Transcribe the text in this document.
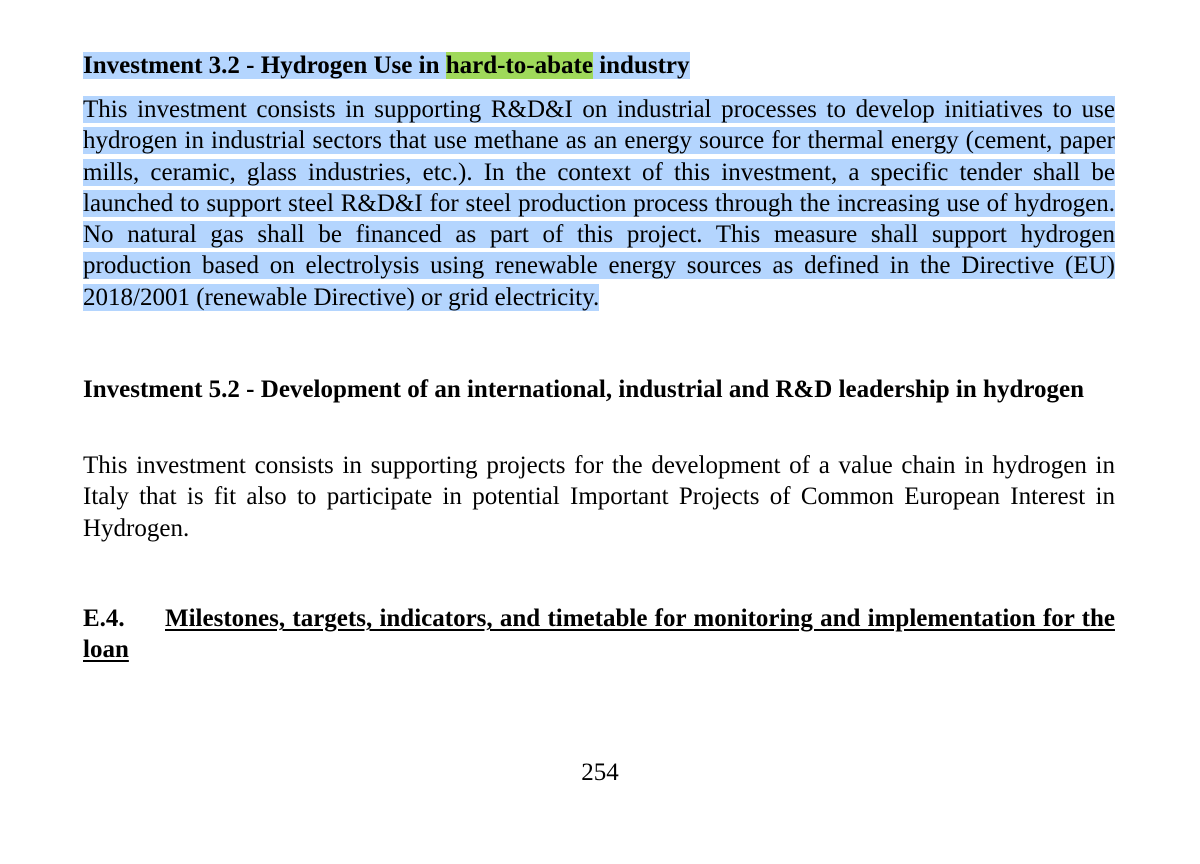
Investment 3.2 - Hydrogen Use in hard-to-abate industry

This investment consists in supporting R&D&I on industrial processes to develop initiatives to use hydrogen in industrial sectors that use methane as an energy source for thermal energy (cement, paper mills, ceramic, glass industries, etc.). In the context of this investment, a specific tender shall be launched to support steel R&D&I for steel production process through the increasing use of hydrogen. No natural gas shall be financed as part of this project. This measure shall support hydrogen production based on electrolysis using renewable energy sources as defined in the Directive (EU) 2018/2001 (renewable Directive) or grid electricity.

Investment 5.2 - Development of an international, industrial and R&D leadership in hydrogen

This investment consists in supporting projects for the development of a value chain in hydrogen in Italy that is fit also to participate in potential Important Projects of Common European Interest in Hydrogen.

E.4. Milestones, targets, indicators, and timetable for monitoring and implementation for the loan
254
